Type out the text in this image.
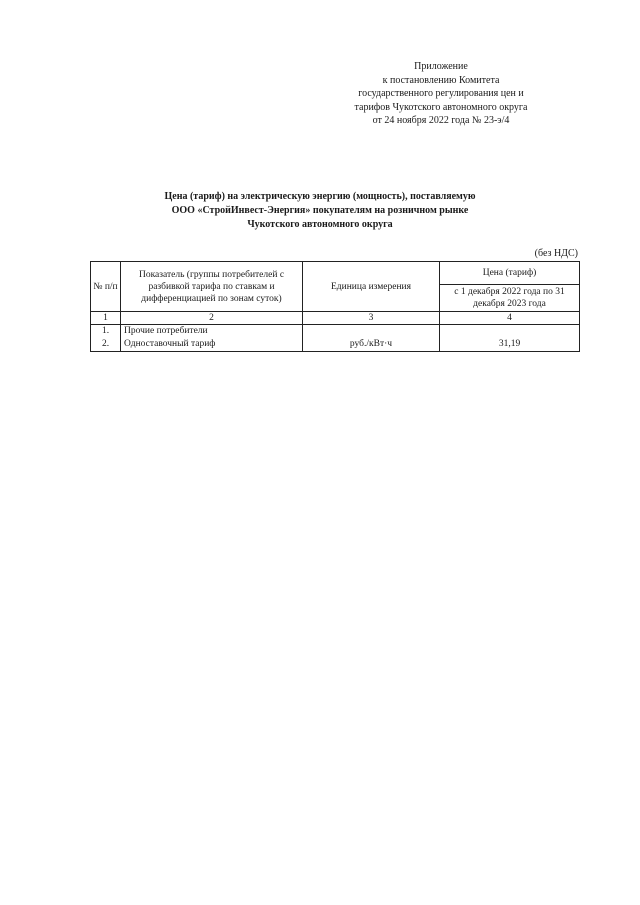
Приложение
к постановлению Комитета
государственного регулирования цен и
тарифов Чукотского автономного округа
от 24 ноября 2022 года № 23-э/4
Цена (тариф) на электрическую энергию (мощность), поставляемую
ООО «СтройИнвест-Энергия» покупателям на розничном рынке
Чукотского автономного округа
(без НДС)
№ п/п	Показатель (группы потребителей с разбивкой тарифа по ставкам и дифференциацией по зонам суток)	Единица измерения	Цена (тариф)
			с 1 декабря 2022 года по 31 декабря 2023 года
1	2	3	4
1.	Прочие потребители		
2.	Одноставочный тариф	руб./кВт·ч	31,19
